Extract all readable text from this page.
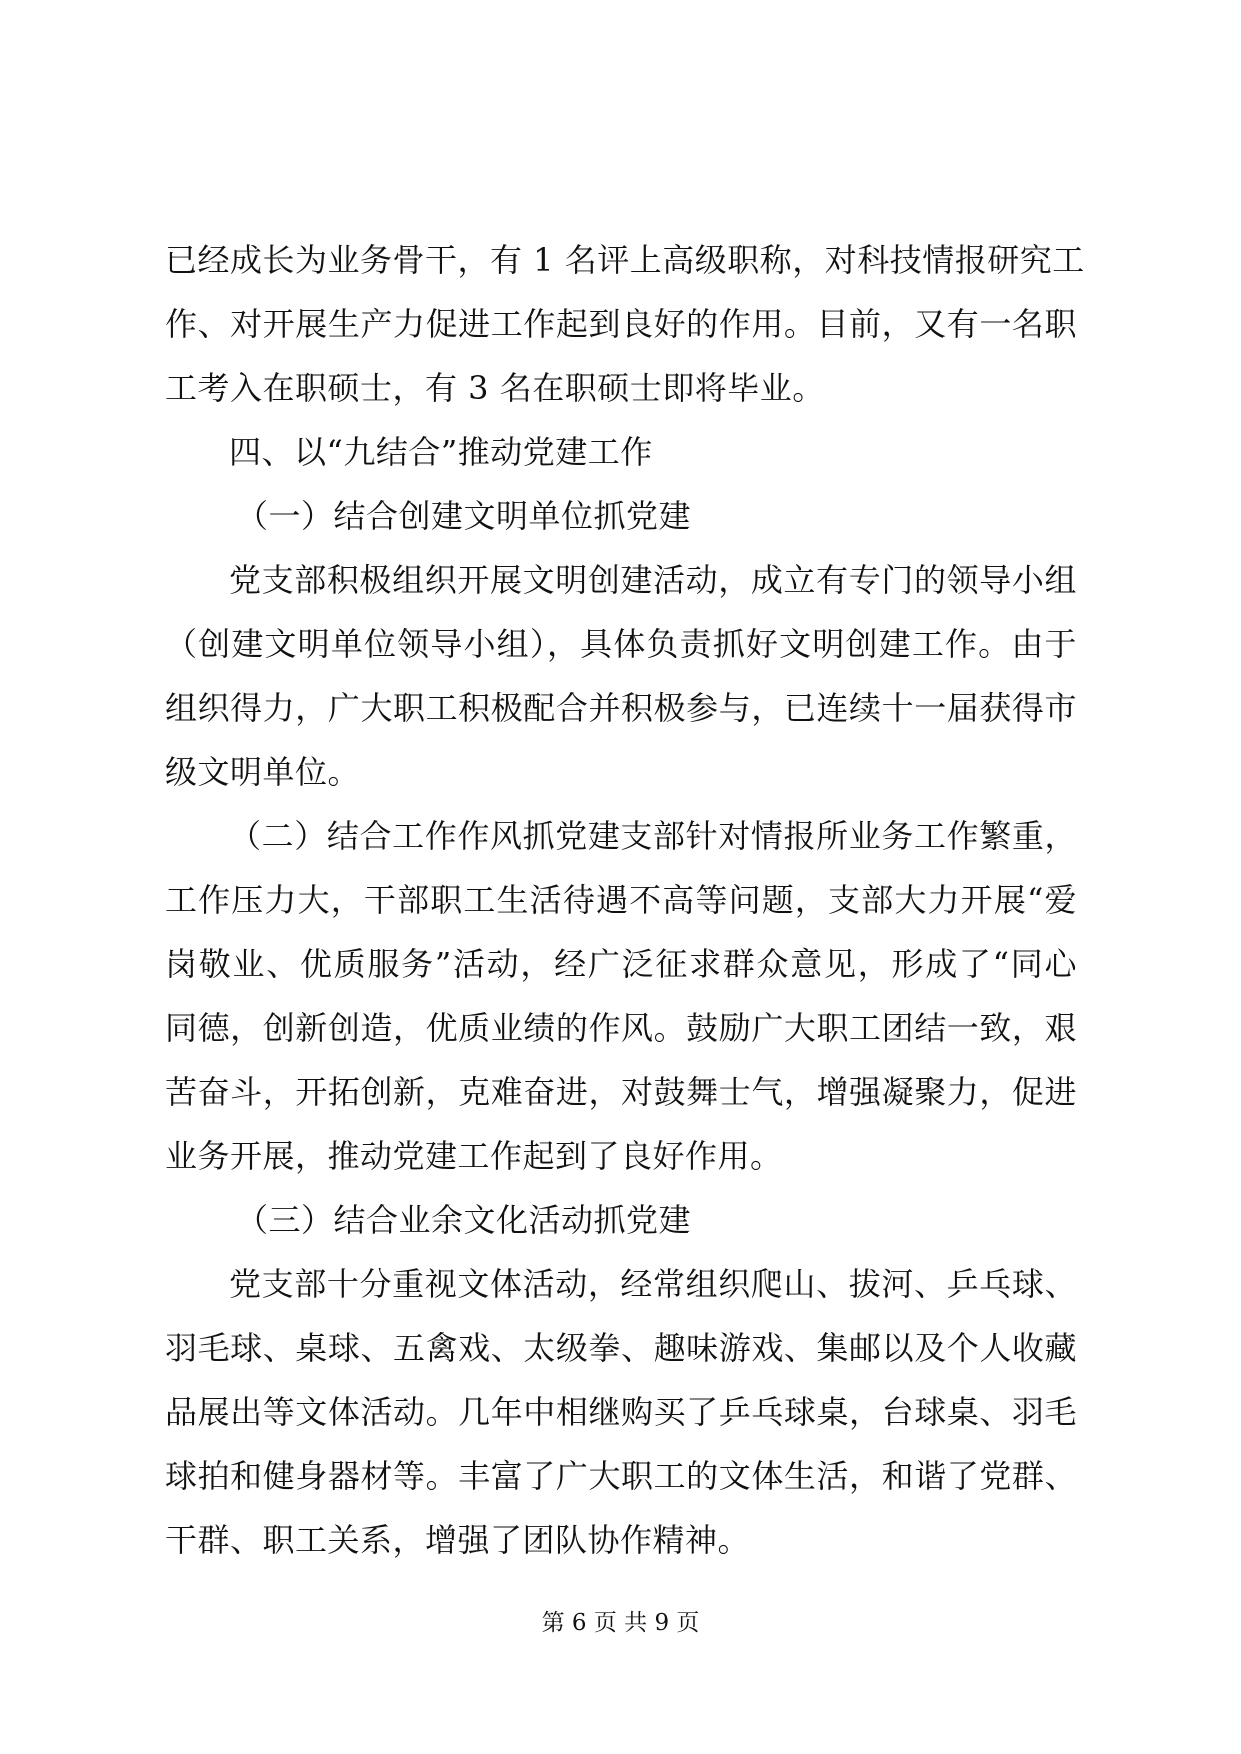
已经成长为业务骨干，有 1 名评上高级职称，对科技情报研究工
作、对开展生产力促进工作起到良好的作用。目前，又有一名职
工考入在职硕士，有 3 名在职硕士即将毕业。
四、以“九结合”推动党建工作
（一）结合创建文明单位抓党建
党支部积极组织开展文明创建活动，成立有专门的领导小组
（创建文明单位领导小组），具体负责抓好文明创建工作。由于
组织得力，广大职工积极配合并积极参与，已连续十一届获得市
级文明单位。
（二）结合工作作风抓党建支部针对情报所业务工作繁重，
工作压力大，干部职工生活待遇不高等问题，支部大力开展“爱
岗敬业、优质服务”活动，经广泛征求群众意见，形成了“同心
同德，创新创造，优质业绩的作风。鼓励广大职工团结一致，艰
苦奋斗，开拓创新，克难奋进，对鼓舞士气，增强凝聚力，促进
业务开展，推动党建工作起到了良好作用。
（三）结合业余文化活动抓党建
党支部十分重视文体活动，经常组织爬山、拔河、乒乓球、
羽毛球、桌球、五禽戏、太级拳、趣味游戏、集邮以及个人收藏
品展出等文体活动。几年中相继购买了乒乓球桌，台球桌、羽毛
球拍和健身器材等。丰富了广大职工的文体生活，和谐了党群、
干群、职工关系，增强了团队协作精神。
第 6 页 共 9 页
